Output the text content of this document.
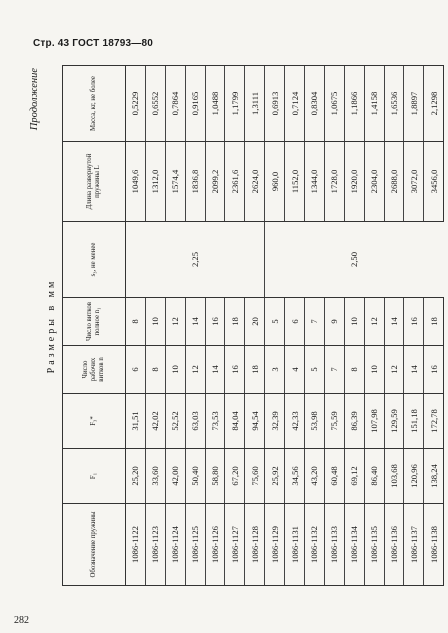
Стр. 43 ГОСТ 18793—80
282
Продолжение
Размеры в мм
Обозначение пружины	F₁	F₃*	Число рабочих витков n	Число витков полное n₁	s₃, не менее	Длина развернутой пружины L	Масса, кг, не более
1086-1122	25,20	31,51	6	8	2,25	1049,6	0,5229
1086-1123	33,60	42,02	8	10		1312,0	0,6552
1086-1124	42,00	52,52	10	12		1574,4	0,7864
1086-1125	50,40	63,03	12	14		1836,8	0,9165
1086-1126	58,80	73,53	14	16		2099,2	1,0488
1086-1127	67,20	84,04	16	18		2361,6	1,1799
1086-1128	75,60	94,54	18	20		2624,0	1,3111
1086-1129	25,92	32,39	3	5	2,50	960,0	0,6913
1086-1131	34,56	42,33	4	6		1152,0	0,7124
1086-1132	43,20	53,98	5	7		1344,0	0,8304
1086-1133	60,48	75,59	7	9		1728,0	1,0675
1086-1134	69,12	86,39	8	10		1920,0	1,1866
1086-1135	86,40	107,98	10	12		2304,0	1,4158
1086-1136	103,68	129,59	12	14		2688,0	1,6536
1086-1137	120,96	151,18	14	16		3072,0	1,8897
1086-1138	138,24	172,78	16	18		3456,0	2,1298
